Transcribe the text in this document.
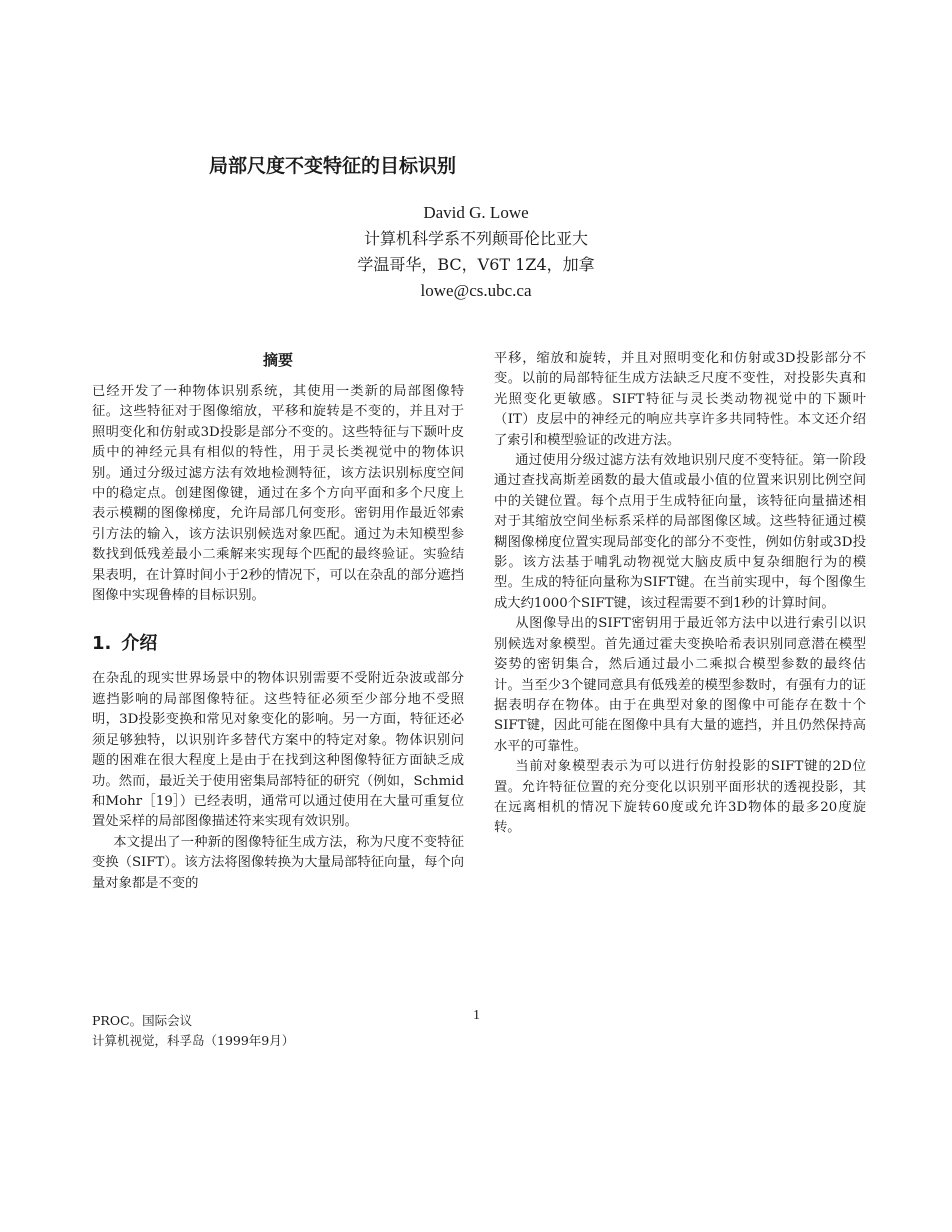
局部尺度不变特征的目标识别
David G. Lowe
计算机科学系不列颠哥伦比亚大
学温哥华，BC，V6T 1Z4，加拿
lowe@cs.ubc.ca
摘要

已经开发了一种物体识别系统，其使用一类新的局部图像特征。这些特征对于图像缩放，平移和旋转是不变的，并且对于照明变化和仿射或3D投影是部分不变的。这些特征与下颞叶皮质中的神经元具有相似的特性，用于灵长类视觉中的物体识别。通过分级过滤方法有效地检测特征，该方法识别标度空间中的稳定点。创建图像键，通过在多个方向平面和多个尺度上表示模糊的图像梯度，允许局部几何变形。密钥用作最近邻索引方法的输入，该方法识别候选对象匹配。通过为未知模型参数找到低残差最小二乘解来实现每个匹配的最终验证。实验结果表明，在计算时间小于2秒的情况下，可以在杂乱的部分遮挡图像中实现鲁棒的目标识别。

1. 介绍

在杂乱的现实世界场景中的物体识别需要不受附近杂波或部分遮挡影响的局部图像特征。这些特征必须至少部分地不受照明，3D投影变换和常见对象变化的影响。另一方面，特征还必须足够独特，以识别许多替代方案中的特定对象。物体识别问题的困难在很大程度上是由于在找到这种图像特征方面缺乏成功。然而，最近关于使用密集局部特征的研究（例如，Schmid和Mohr［19］）已经表明，通常可以通过使用在大量可重复位置处采样的局部图像描述符来实现有效识别。

本文提出了一种新的图像特征生成方法，称为尺度不变特征变换（SIFT）。该方法将图像转换为大量局部特征向量，每个向量对象都是不变的

平移，缩放和旋转，并且对照明变化和仿射或3D投影部分不变。以前的局部特征生成方法缺乏尺度不变性，对投影失真和光照变化更敏感。SIFT特征与灵长类动物视觉中的下颞叶（IT）皮层中的神经元的响应共享许多共同特性。本文还介绍了索引和模型验证的改进方法。

通过使用分级过滤方法有效地识别尺度不变特征。第一阶段通过查找高斯差函数的最大值或最小值的位置来识别比例空间中的关键位置。每个点用于生成特征向量，该特征向量描述相对于其缩放空间坐标系采样的局部图像区域。这些特征通过模糊图像梯度位置实现局部变化的部分不变性，例如仿射或3D投影。该方法基于哺乳动物视觉大脑皮质中复杂细胞行为的模型。生成的特征向量称为SIFT键。在当前实现中，每个图像生成大约1000个SIFT键，该过程需要不到1秒的计算时间。

从图像导出的SIFT密钥用于最近邻方法中以进行索引以识别候选对象模型。首先通过霍夫变换哈希表识别同意潜在模型姿势的密钥集合，然后通过最小二乘拟合模型参数的最终估计。当至少3个键同意具有低残差的模型参数时，有强有力的证据表明存在物体。由于在典型对象的图像中可能存在数十个SIFT键，因此可能在图像中具有大量的遮挡，并且仍然保持高水平的可靠性。

当前对象模型表示为可以进行仿射投影的SIFT键的2D位置。允许特征位置的充分变化以识别平面形状的透视投影，其在远离相机的情况下旋转60度或允许3D物体的最多20度旋转。

PROC。国际会议
计算机视觉，科孚岛（1999年9月）
1
